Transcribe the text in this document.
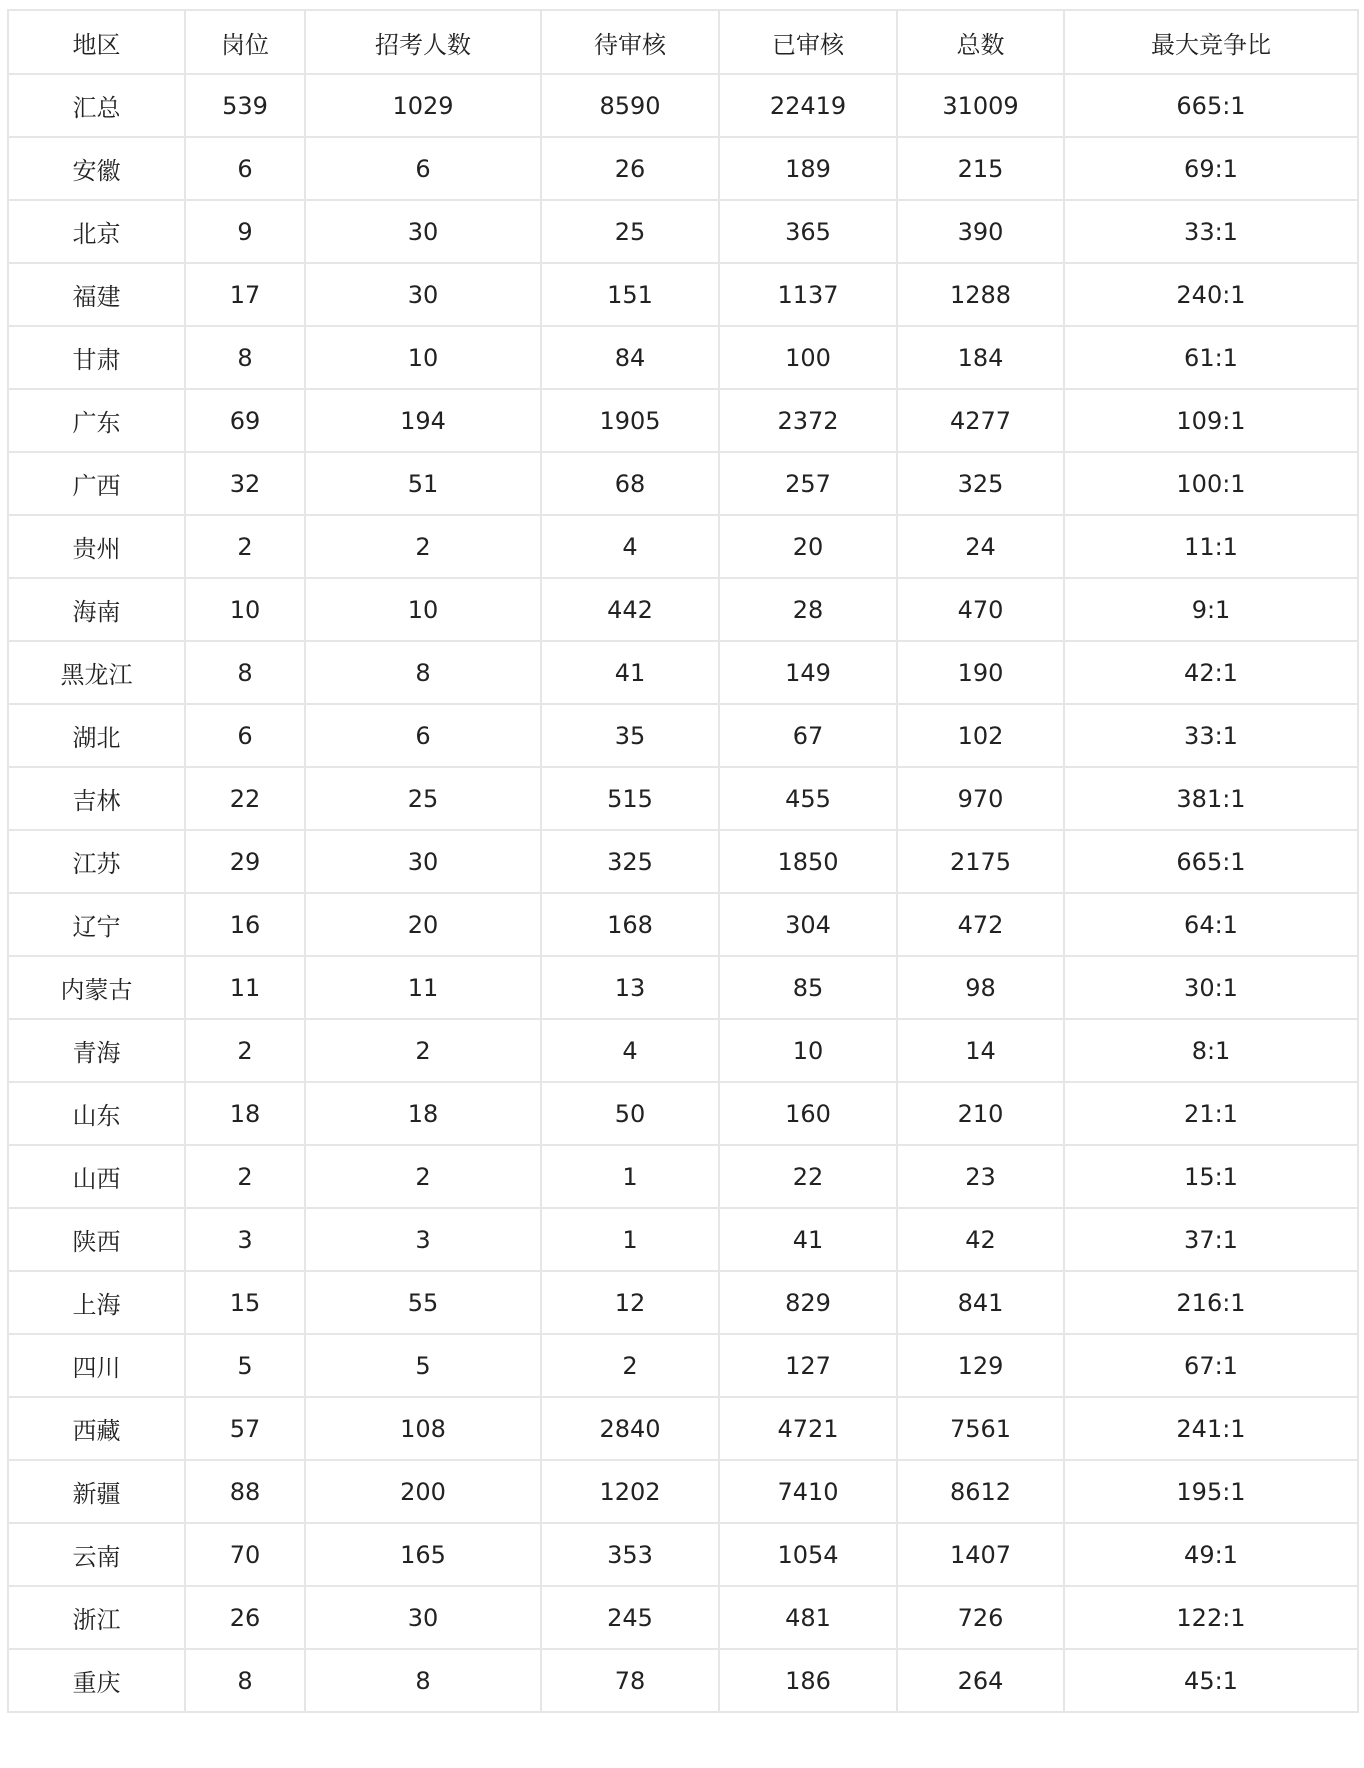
地区	岗位	招考人数	待审核	已审核	总数	最大竞争比
汇总	539	1029	8590	22419	31009	665:1
安徽	6	6	26	189	215	69:1
北京	9	30	25	365	390	33:1
福建	17	30	151	1137	1288	240:1
甘肃	8	10	84	100	184	61:1
广东	69	194	1905	2372	4277	109:1
广西	32	51	68	257	325	100:1
贵州	2	2	4	20	24	11:1
海南	10	10	442	28	470	9:1
黑龙江	8	8	41	149	190	42:1
湖北	6	6	35	67	102	33:1
吉林	22	25	515	455	970	381:1
江苏	29	30	325	1850	2175	665:1
辽宁	16	20	168	304	472	64:1
内蒙古	11	11	13	85	98	30:1
青海	2	2	4	10	14	8:1
山东	18	18	50	160	210	21:1
山西	2	2	1	22	23	15:1
陕西	3	3	1	41	42	37:1
上海	15	55	12	829	841	216:1
四川	5	5	2	127	129	67:1
西藏	57	108	2840	4721	7561	241:1
新疆	88	200	1202	7410	8612	195:1
云南	70	165	353	1054	1407	49:1
浙江	26	30	245	481	726	122:1
重庆	8	8	78	186	264	45:1
